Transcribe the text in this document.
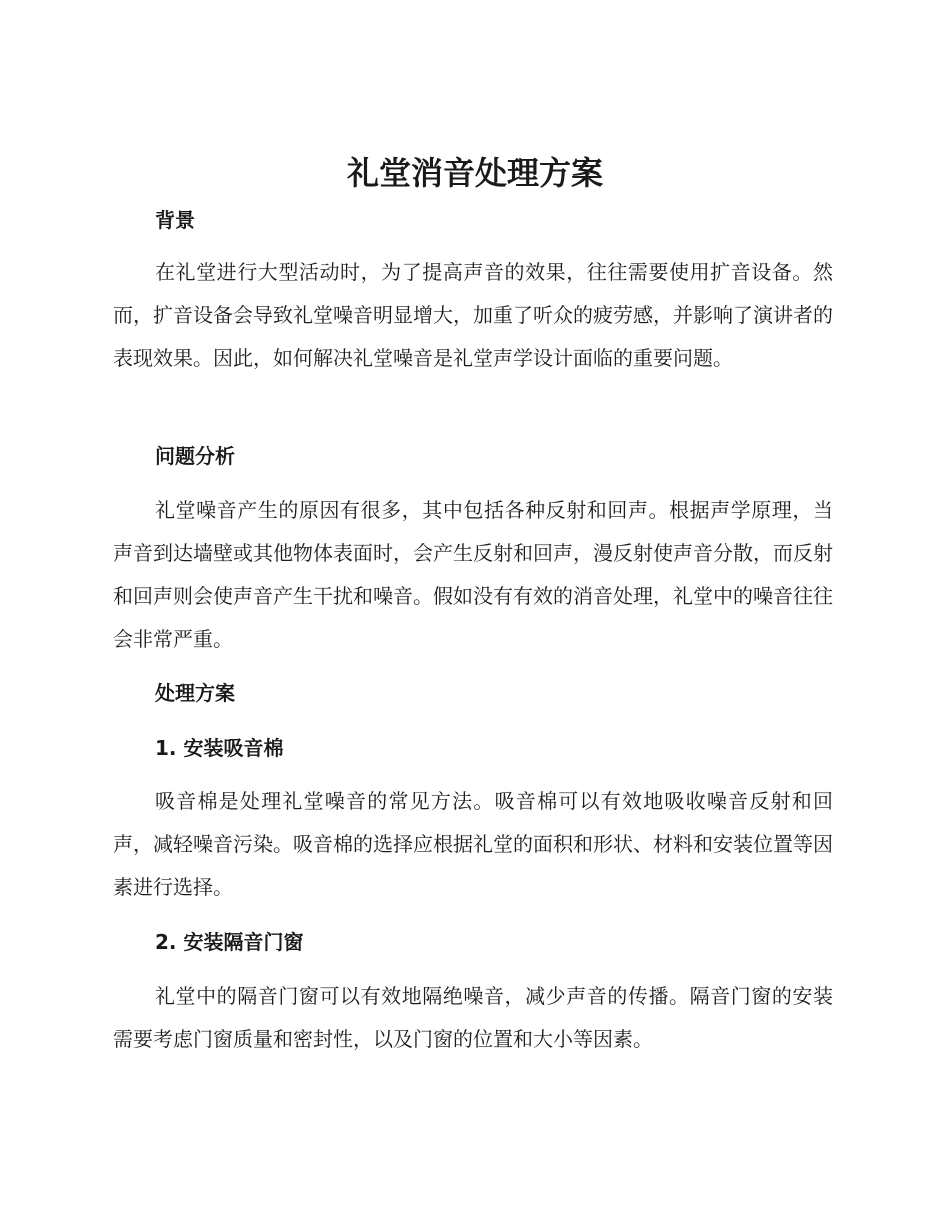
礼堂消音处理方案
背景

在礼堂进行大型活动时，为了提高声音的效果，往往需要使用扩音设备。然而，扩音设备会导致礼堂噪音明显增大，加重了听众的疲劳感，并影响了演讲者的表现效果。因此，如何解决礼堂噪音是礼堂声学设计面临的重要问题。

问题分析

礼堂噪音产生的原因有很多，其中包括各种反射和回声。根据声学原理，当声音到达墙壁或其他物体表面时，会产生反射和回声，漫反射使声音分散，而反射和回声则会使声音产生干扰和噪音。假如没有有效的消音处理，礼堂中的噪音往往会非常严重。

处理方案
1. 安装吸音棉

吸音棉是处理礼堂噪音的常见方法。吸音棉可以有效地吸收噪音反射和回声，减轻噪音污染。吸音棉的选择应根据礼堂的面积和形状、材料和安装位置等因素进行选择。

2. 安装隔音门窗

礼堂中的隔音门窗可以有效地隔绝噪音，减少声音的传播。隔音门窗的安装需要考虑门窗质量和密封性，以及门窗的位置和大小等因素。
